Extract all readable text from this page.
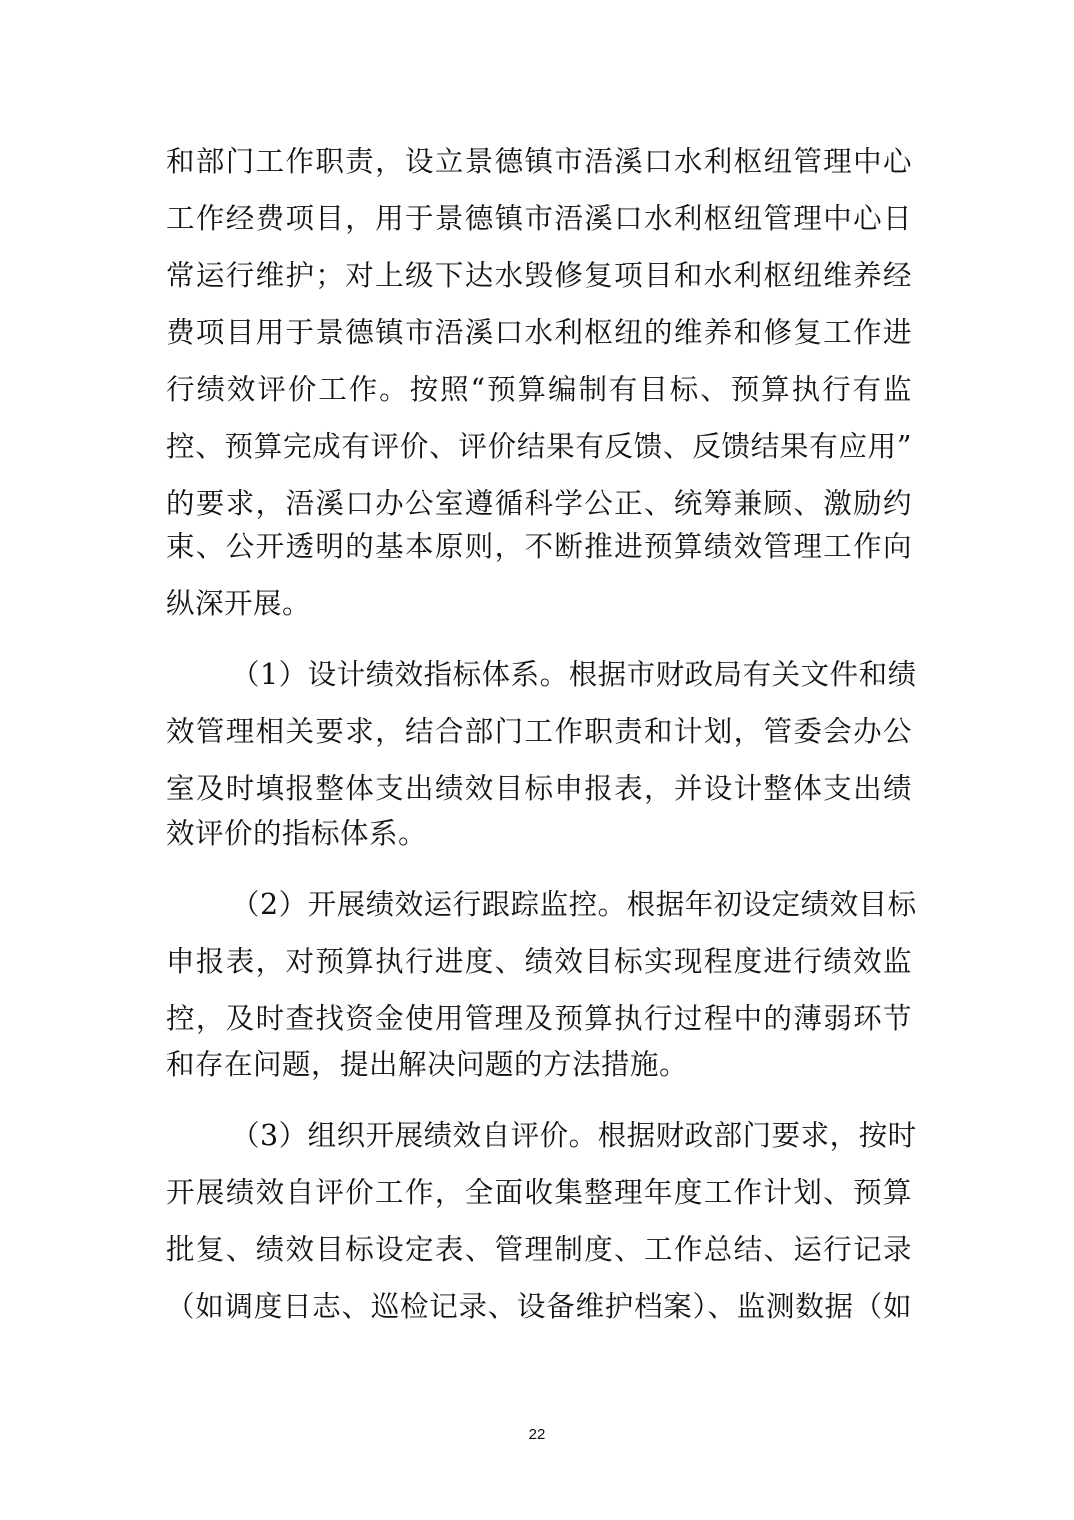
和部门工作职责，设立景德镇市浯溪口水利枢纽管理中心
工作经费项目，用于景德镇市浯溪口水利枢纽管理中心日
常运行维护；对上级下达水毁修复项目和水利枢纽维养经
费项目用于景德镇市浯溪口水利枢纽的维养和修复工作进
行绩效评价工作。按照“预算编制有目标、预算执行有监
控、预算完成有评价、评价结果有反馈、反馈结果有应用”
的要求，浯溪口办公室遵循科学公正、统筹兼顾、激励约
束、公开透明的基本原则，不断推进预算绩效管理工作向
纵深开展。
（1）设计绩效指标体系。根据市财政局有关文件和绩
效管理相关要求，结合部门工作职责和计划，管委会办公
室及时填报整体支出绩效目标申报表，并设计整体支出绩
效评价的指标体系。
（2）开展绩效运行跟踪监控。根据年初设定绩效目标
申报表，对预算执行进度、绩效目标实现程度进行绩效监
控，及时查找资金使用管理及预算执行过程中的薄弱环节
和存在问题，提出解决问题的方法措施。
（3）组织开展绩效自评价。根据财政部门要求，按时
开展绩效自评价工作，全面收集整理年度工作计划、预算
批复、绩效目标设定表、管理制度、工作总结、运行记录
（如调度日志、巡检记录、设备维护档案）、监测数据（如
22
